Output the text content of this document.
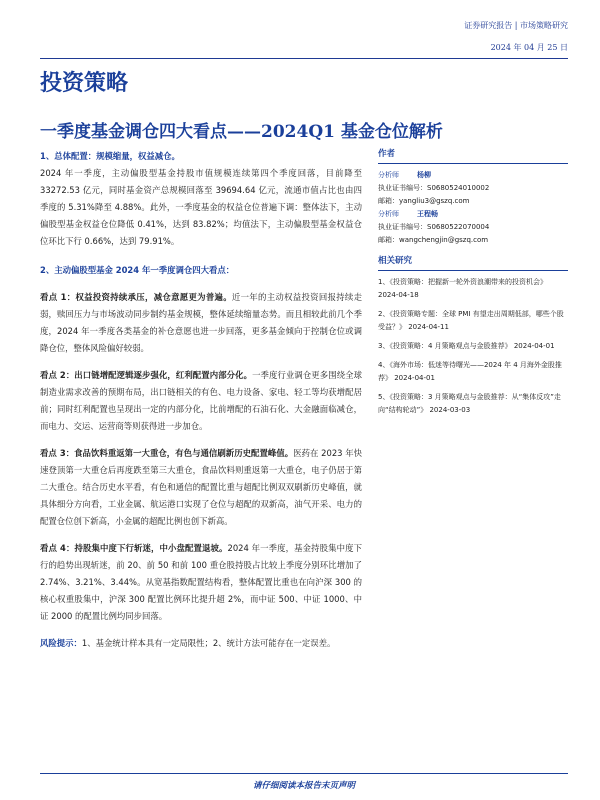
证券研究报告 | 市场策略研究
2024 年 04 月 25 日
投资策略
一季度基金调仓四大看点——2024Q1 基金仓位解析

1、总体配置：规模缩量，权益减仓。

2024 年一季度，主动偏股型基金持股市值规模连续第四个季度回落，目前降至 33272.53 亿元，同时基金资产总规模回落至 39694.64 亿元，流通市值占比也由四季度的 5.31%降至 4.88%。此外，一季度基金的权益仓位普遍下调：整体法下，主动偏股型基金权益仓位降低 0.41%，达到 83.82%；均值法下，主动偏股型基金权益仓位环比下行 0.66%，达到 79.91%。

2、主动偏股型基金 2024 年一季度调仓四大看点：

看点 1：权益投资持续承压，减仓意愿更为普遍。近一年的主动权益投资回报持续走弱，赎回压力与市场波动同步制约基金规模，整体延续缩量态势。而且相较此前几个季度，2024 年一季度各类基金的补仓意愿也进一步回落，更多基金倾向于控制仓位或调降仓位，整体风险偏好较弱。

看点 2：出口链增配逻辑逐步强化，红利配置内部分化。一季度行业调仓更多围绕全球制造业需求改善的预期布局，出口链相关的有色、电力设备、家电、轻工等均获增配居前；同时红利配置也呈现出一定的内部分化，比前增配的石油石化、大金融面临减仓，而电力、交运、运营商等则获得进一步加仓。

看点 3：食品饮料重返第一大重仓，有色与通信刷新历史配置峰值。医药在 2023 年快速登顶第一大重仓后再度跌至第三大重仓，食品饮料则重返第一大重仓，电子仍居于第二大重仓。结合历史水平看，有色和通信的配置比重与超配比例双双刷新历史峰值，就具体细分方向看，工业金属、航运港口实现了仓位与超配的双新高，油气开采、电力的配置仓位创下新高，小金属的超配比例也创下新高。

看点 4：持股集中度下行斩迷，中小盘配置退坡。2024 年一季度，基金持股集中度下行的趋势出现斩迷，前 20、前 50 和前 100 重仓股持股占比较上季度分别环比增加了 2.74%、3.21%、3.44%。从宽基指数配置结构看，整体配置比重也在向沪深 300 的核心权重股集中，沪深 300 配置比例环比提升超 2%，而中证 500、中证 1000、中证 2000 的配置比例均同步回落。

风险提示：1、基金统计样本具有一定局限性；2、统计方法可能存在一定误差。

作者
分析师	杨柳
执业证书编号：S0680524010002
邮箱：yangliu3@gszq.com
分析师	王程畅
执业证书编号：S0680522070004
邮箱：wangchengjin@gszq.com
相关研究
1、《投资策略：把握新一轮外资浪潮带来的投资机会》 2024-04-18
2、《投资策略专题：全球 PMI 有望走出周期低部，哪些个股受益？》 2024-04-11
3、《投资策略：4 月策略观点与金股推荐》 2024-04-01
4、《海外市场：低迷等待曙光——2024 年 4 月海外金股推荐》 2024-04-01
5、《投资策略：3 月策略观点与金股推荐：从“集体反攻”走向“结构轮动”》 2024-03-03
请仔细阅读本报告末页声明
